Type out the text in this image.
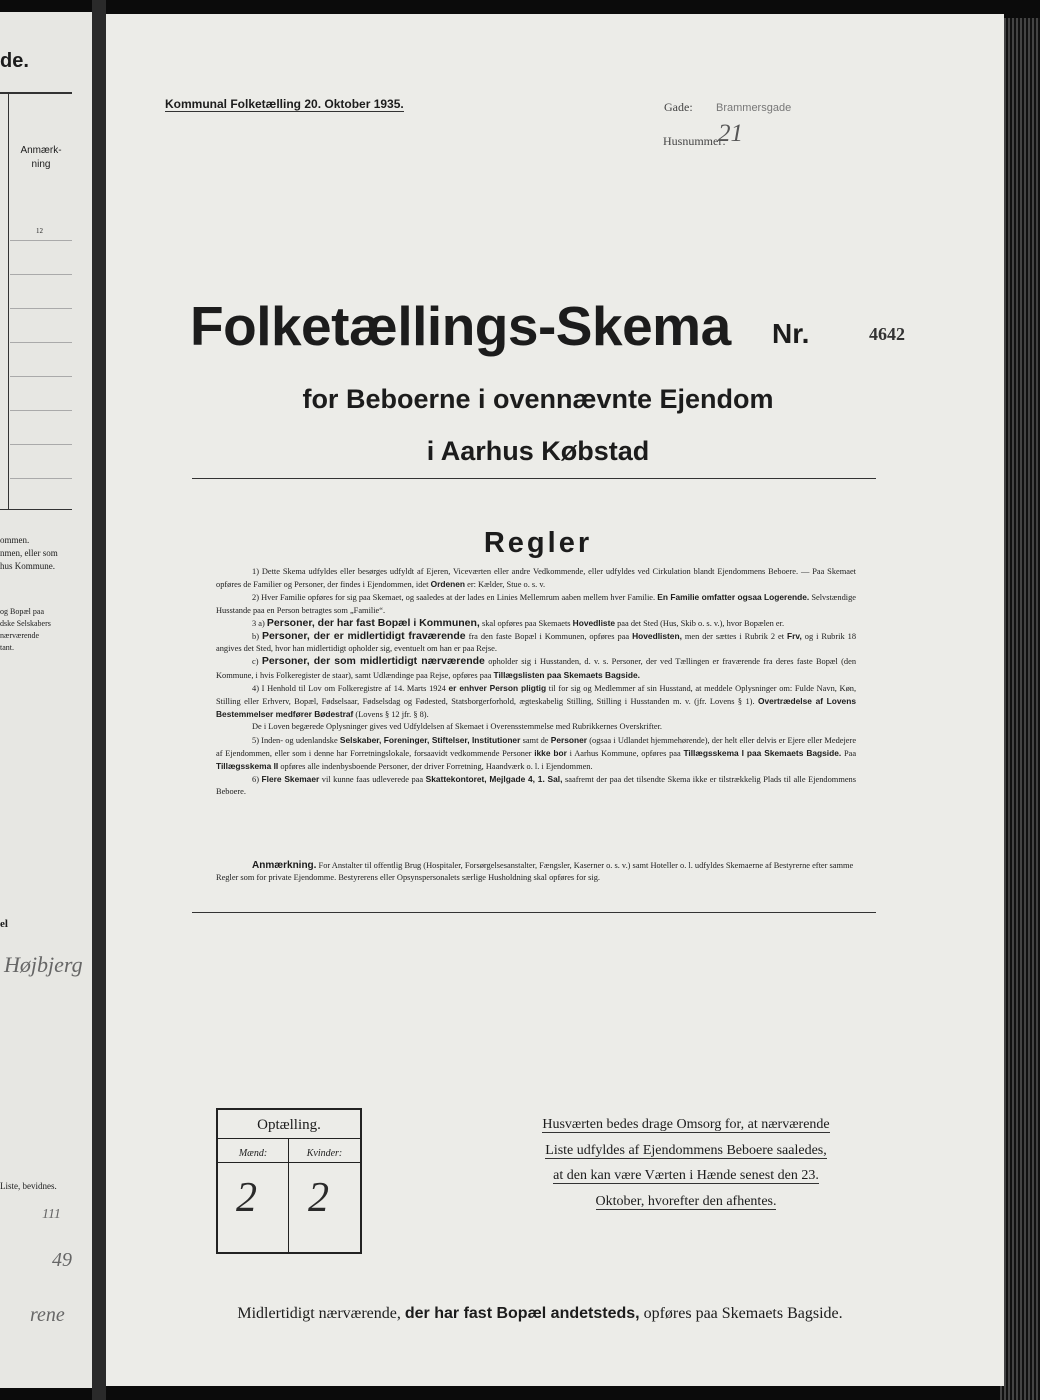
de.
Anmærk-
ning
12
ommen.
nmen, eller som
hus Kommune.
og Bopæl paa
dske Selskabers
nærværende
tant.
el
Højbjerg
Liste, bevidnes.
111
49
rene
Kommunal Folketælling 20. Oktober 1935.	Gade: Brammersgade
Husnummer:
21
Folketællings-Skema Nr.	4642
for Beboerne i ovennævnte Ejendom
i Aarhus Købstad
Regler

1) Dette Skema udfyldes eller besørges udfyldt af Ejeren, Viceværten eller andre Vedkommende, eller udfyldes ved Cirkulation blandt Ejendommens Beboere. — Paa Skemaet opføres de Familier og Personer, der findes i Ejendommen, idet Ordenen er: Kælder, Stue o. s. v.

2) Hver Familie opføres for sig paa Skemaet, og saaledes at der lades en Linies Mellemrum aaben mellem hver Familie. En Familie omfatter ogsaa Logerende. Selvstændige Husstande paa en Person betragtes som „Familie“.

3 a) Personer, der har fast Bopæl i Kommunen, skal opføres paa Skemaets Hovedliste paa det Sted (Hus, Skib o. s. v.), hvor Bopælen er.

b) Personer, der er midlertidigt fraværende fra den faste Bopæl i Kommunen, opføres paa Hovedlisten, men der sættes i Rubrik 2 et Frv, og i Rubrik 18 angives det Sted, hvor han midlertidigt opholder sig, eventuelt om han er paa Rejse.

c) Personer, der som midlertidigt nærværende opholder sig i Husstanden, d. v. s. Personer, der ved Tællingen er fraværende fra deres faste Bopæl (den Kommune, i hvis Folkeregister de staar), samt Udlændinge paa Rejse, opføres paa Tillægslisten paa Skemaets Bagside.

4) I Henhold til Lov om Folkeregistre af 14. Marts 1924 er enhver Person pligtig til for sig og Medlemmer af sin Husstand, at meddele Oplysninger om: Fulde Navn, Køn, Stilling eller Erhverv, Bopæl, Fødselsaar, Fødselsdag og Fødested, Statsborgerforhold, ægteskabelig Stilling, Stilling i Husstanden m. v. (jfr. Lovens § 1). Overtrædelse af Lovens Bestemmelser medfører Bødestraf (Lovens § 12 jfr. § 8).

De i Loven begærede Oplysninger gives ved Udfyldelsen af Skemaet i Overensstemmelse med Rubrikkernes Overskrifter.

5) Inden- og udenlandske Selskaber, Foreninger, Stiftelser, Institutioner samt de Personer (ogsaa i Udlandet hjemmehørende), der helt eller delvis er Ejere eller Medejere af Ejendommen, eller som i denne har Forretningslokale, forsaavidt vedkommende Personer ikke bor i Aarhus Kommune, opføres paa Tillægsskema I paa Skemaets Bagside. Paa Tillægsskema II opføres alle indenbysboende Personer, der driver Forretning, Haandværk o. l. i Ejendommen.

6) Flere Skemaer vil kunne faas udleverede paa Skattekontoret, Mejlgade 4, 1. Sal, saafremt der paa det tilsendte Skema ikke er tilstrækkelig Plads til alle Ejendommens Beboere.

Anmærkning. For Anstalter til offentlig Brug (Hospitaler, Forsørgelsesanstalter, Fængsler, Kaserner o. s. v.) samt Hoteller o. l. udfyldes Skemaerne af Bestyrerne efter samme Regler som for private Ejendomme. Bestyrerens eller Opsynspersonalets særlige Husholdning skal opføres for sig.

Optælling.
Mænd:	Kvinder:
2 2
Husværten bedes drage Omsorg for, at nærværende
Liste udfyldes af Ejendommens Beboere saaledes,
at den kan være Værten i Hænde senest den 23.
Oktober, hvorefter den afhentes.
Midlertidigt nærværende, der har fast Bopæl andetsteds, opføres paa Skemaets Bagside.
